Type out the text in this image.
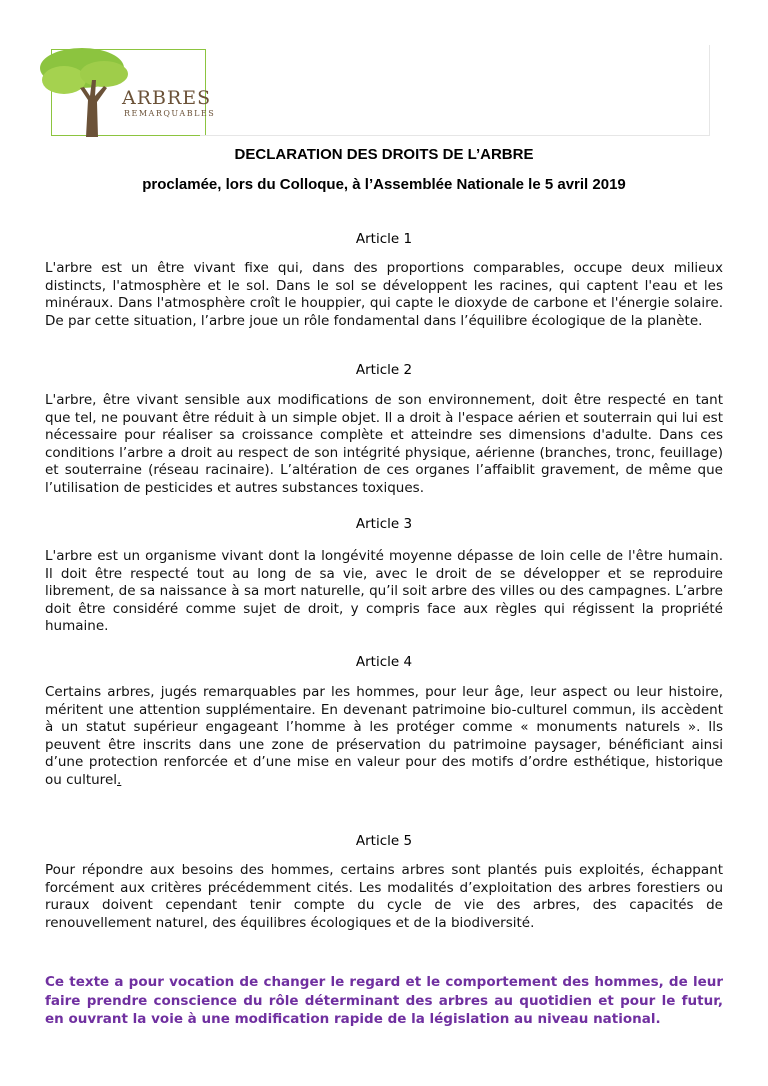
ARBRES
REMARQUABLES
DECLARATION DES DROITS DE L’ARBRE
proclamée, lors du Colloque, à l’Assemblée Nationale le 5 avril 2019
Article 1

L'arbre est un être vivant fixe qui, dans des proportions comparables, occupe deux milieux distincts, l'atmosphère et le sol. Dans le sol se développent les racines, qui captent l'eau et les minéraux. Dans l'atmosphère croît le houppier, qui capte le dioxyde de carbone et l'énergie solaire. De par cette situation, l’arbre joue un rôle fondamental dans l’équilibre écologique de la planète.

Article 2

L'arbre, être vivant sensible aux modifications de son environnement, doit être respecté en tant que tel, ne pouvant être réduit à un simple objet. Il a droit à l'espace aérien et souterrain qui lui est nécessaire pour réaliser sa croissance complète et atteindre ses dimensions d'adulte. Dans ces conditions l’arbre a droit au respect de son intégrité physique, aérienne (branches, tronc, feuillage) et souterraine (réseau racinaire). L’altération de ces organes l’affaiblit gravement, de même que l’utilisation de pesticides et autres substances toxiques.

Article 3

L'arbre est un organisme vivant dont la longévité moyenne dépasse de loin celle de l'être humain. Il doit être respecté tout au long de sa vie, avec le droit de se développer et se reproduire librement, de sa naissance à sa mort naturelle, qu’il soit arbre des villes ou des campagnes. L’arbre doit être considéré comme sujet de droit, y compris face aux règles qui régissent la propriété humaine.

Article 4

Certains arbres, jugés remarquables par les hommes, pour leur âge, leur aspect ou leur histoire, méritent une attention supplémentaire. En devenant patrimoine bio-culturel commun, ils accèdent à un statut supérieur engageant l’homme à les protéger comme « monuments naturels ». Ils peuvent être inscrits dans une zone de préservation du patrimoine paysager, bénéficiant ainsi d’une protection renforcée et d’une mise en valeur pour des motifs d’ordre esthétique, historique ou culturel.

Article 5

Pour répondre aux besoins des hommes, certains arbres sont plantés puis exploités, échappant forcément aux critères précédemment cités. Les modalités d’exploitation des arbres forestiers ou ruraux doivent cependant tenir compte du cycle de vie des arbres, des capacités de renouvellement naturel, des équilibres écologiques et de la biodiversité.

Ce texte a pour vocation de changer le regard et le comportement des hommes, de leur faire prendre conscience du rôle déterminant des arbres au quotidien et pour le futur, en ouvrant la voie à une modification rapide de la législation au niveau national.
